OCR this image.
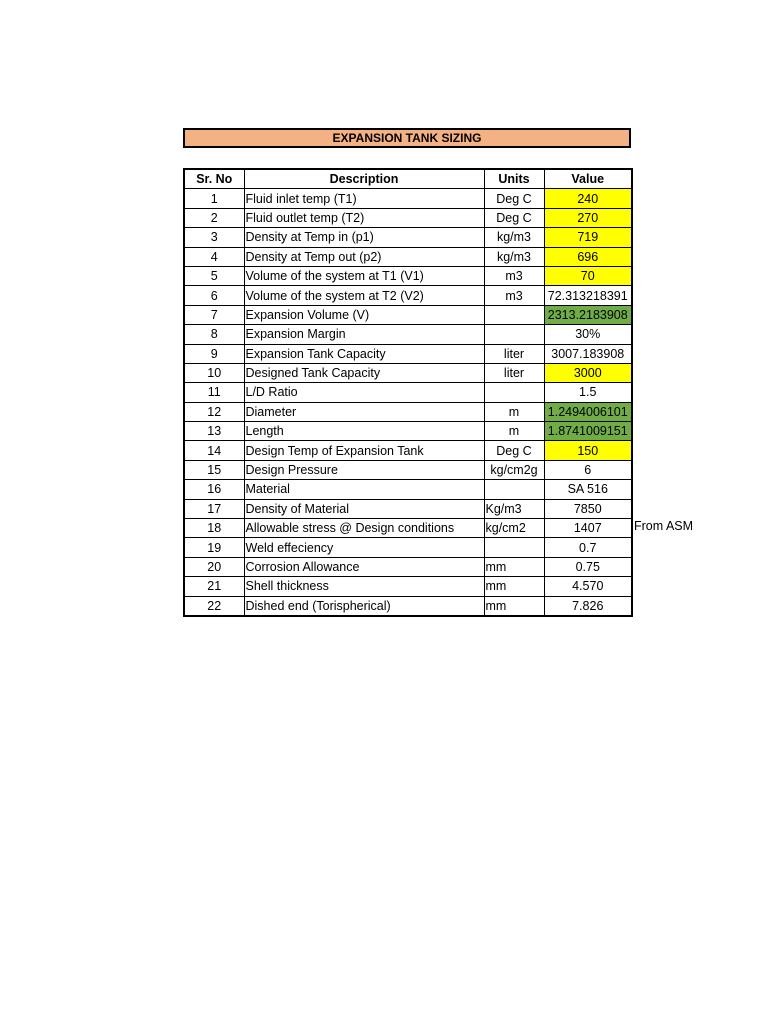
EXPANSION TANK SIZING
Sr. No	Description	Units	Value
1	Fluid inlet temp (T1)	Deg C	240
2	Fluid outlet temp (T2)	Deg C	270
3	Density at Temp in (p1)	kg/m3	719
4	Density at Temp out (p2)	kg/m3	696
5	Volume of the system at T1 (V1)	m3	70
6	Volume of the system at T2 (V2)	m3	72.313218391
7	Expansion Volume (V)		2313.2183908
8	Expansion Margin		30%
9	Expansion Tank Capacity	liter	3007.183908
10	Designed Tank Capacity	liter	3000
11	L/D Ratio		1.5
12	Diameter	m	1.2494006101
13	Length	m	1.8741009151
14	Design Temp of Expansion Tank	Deg C	150
15	Design Pressure	kg/cm2g	6
16	Material		SA 516
17	Density of Material	Kg/m3	7850
18	Allowable stress @ Design conditions	kg/cm2	1407
19	Weld effeciency		0.7
20	Corrosion Allowance	mm	0.75
21	Shell thickness	mm	4.570
22	Dished end (Torispherical)	mm	7.826
From ASM
